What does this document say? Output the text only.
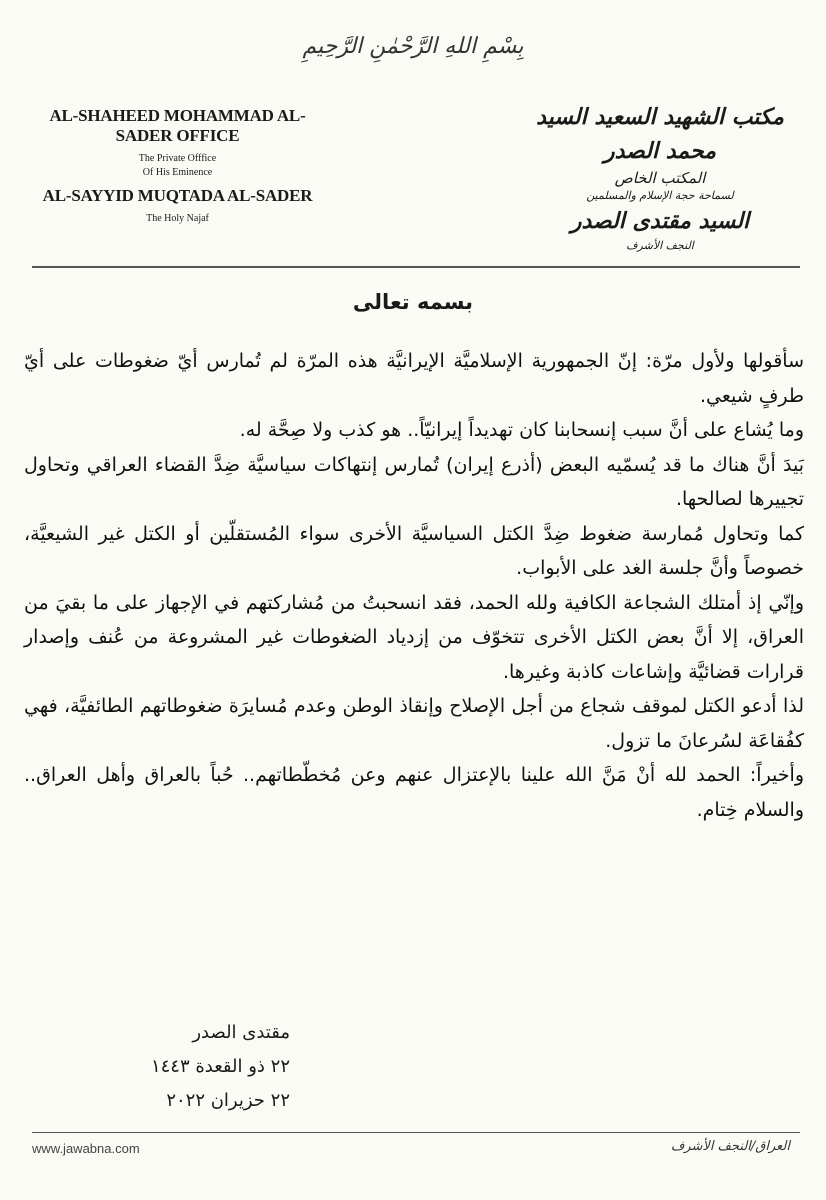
بِسْمِ اللهِ الرَّحْمٰنِ الرَّحِيمِ
AL-SHAHEED MOHAMMAD AL-SADER OFFICE
The Private Offfice
Of His Eminence
AL-SAYYID MUQTADA AL-SADER
The Holy Najaf
مكتب الشهيد السعيد السيد محمد الصدر
المكتب الخاص
لسماحة حجة الإسلام والمسلمين
السيد مقتدى الصدر
النجف الأشرف
بسمه تعالى

سأقولها ولأول مرّة: إنّ الجمهورية الإسلاميَّة الإيرانيَّة هذه المرّة لم تُمارس أيّ ضغوطات على أيّ طرفٍ شيعي.

وما يُشاع على أنَّ سبب إنسحابنا كان تهديداً إيرانيّاً.. هو كذب ولا صِحَّة له.

بَيدَ أنَّ هناك ما قد يُسمّيه البعض (أذرع إيران) تُمارس إنتهاكات سياسيَّة ضِدَّ القضاء العراقي وتحاول تجييرها لصالحها.

كما وتحاول مُمارسة ضغوط ضِدَّ الكتل السياسيَّة الأخرى سواء المُستقلّين أو الكتل غير الشيعيَّة، خصوصاً وأنَّ جلسة الغد على الأبواب.

وإنّي إذ أمتلك الشجاعة الكافية ولله الحمد، فقد انسحبتُ من مُشاركتهم في الإجهاز على ما بقيَ من العراق، إلا أنَّ بعض الكتل الأخرى تتخوّف من إزدياد الضغوطات غير المشروعة من عُنف وإصدار قرارات قضائيَّة وإشاعات كاذبة وغيرها.

لذا أدعو الكتل لموقف شجاع من أجل الإصلاح وإنقاذ الوطن وعدم مُسايرَة ضغوطاتهم الطائفيَّة، فهي كفُقاعَة لسُرعانَ ما تزول.

وأخيراً: الحمد لله أنْ مَنَّ الله علينا بالإعتزال عنهم وعن مُخطّطاتهم.. حُباً بالعراق وأهل العراق.. والسلام خِتام.

مقتدى الصدر
٢٢ ذو القعدة ١٤٤٣
٢٢ حزيران ٢٠٢٢
www.jawabna.com	العراق/النجف الأشرف
